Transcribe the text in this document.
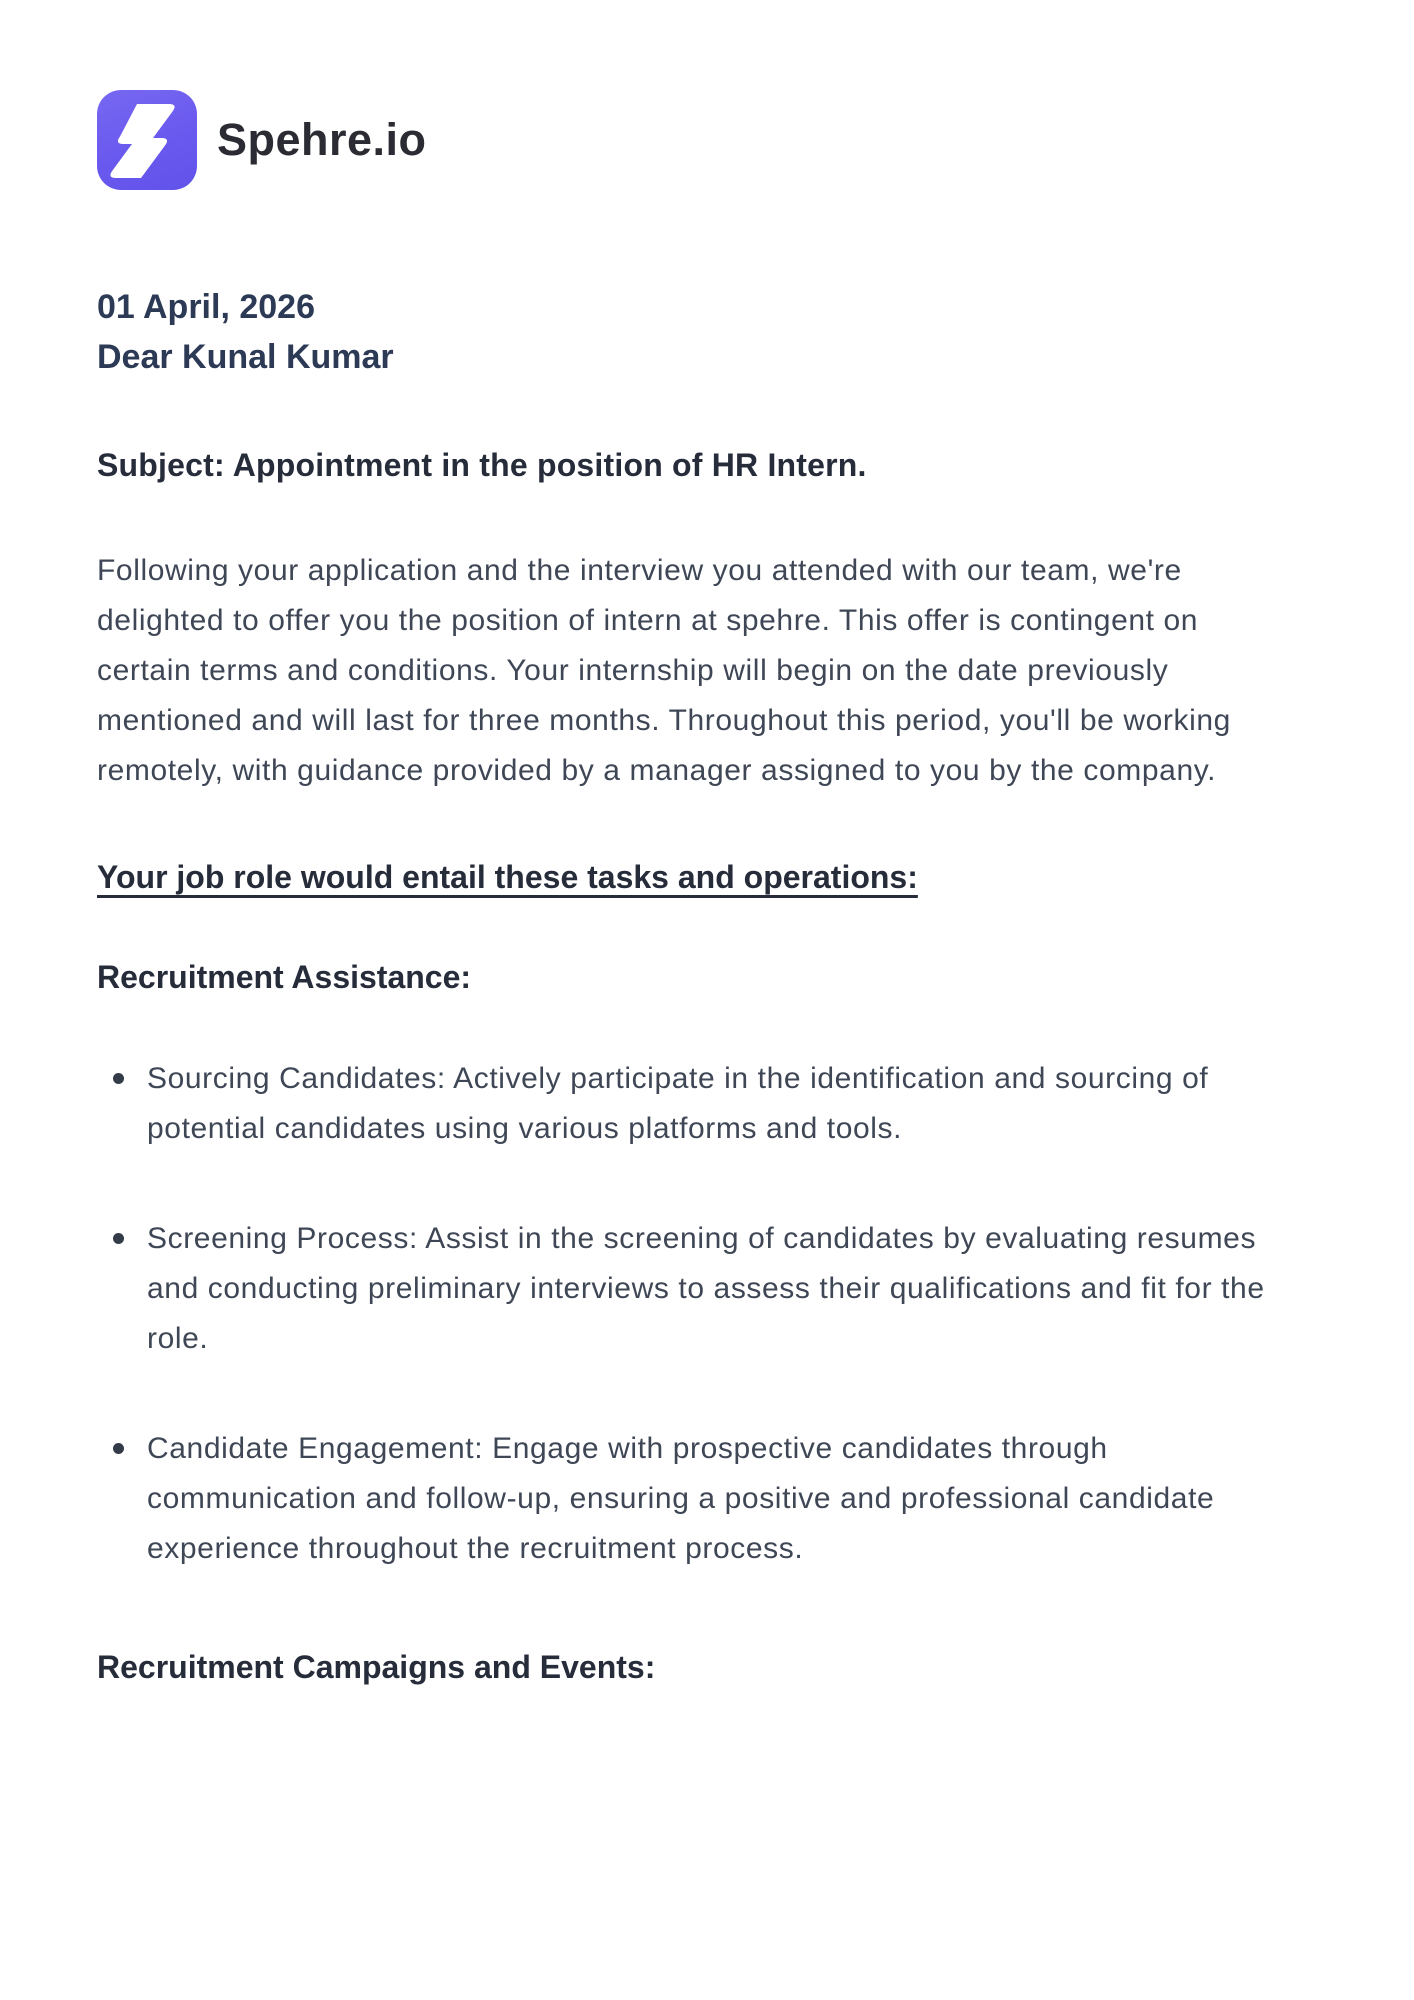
Spehre.io
01 April, 2026
Dear Kunal Kumar
Subject: Appointment in the position of HR Intern.

Following your application and the interview you attended with our team, we're delighted to offer you the position of intern at spehre. This offer is contingent on certain terms and conditions. Your internship will begin on the date previously mentioned and will last for three months. Throughout this period, you'll be working remotely, with guidance provided by a manager assigned to you by the company.

Your job role would entail these tasks and operations:
Recruitment Assistance:
Sourcing Candidates: Actively participate in the identification and sourcing of potential candidates using various platforms and tools.
Screening Process: Assist in the screening of candidates by evaluating resumes and conducting preliminary interviews to assess their qualifications and fit for the role.
Candidate Engagement: Engage with prospective candidates through communication and follow-up, ensuring a positive and professional candidate experience throughout the recruitment process.
Recruitment Campaigns and Events:
